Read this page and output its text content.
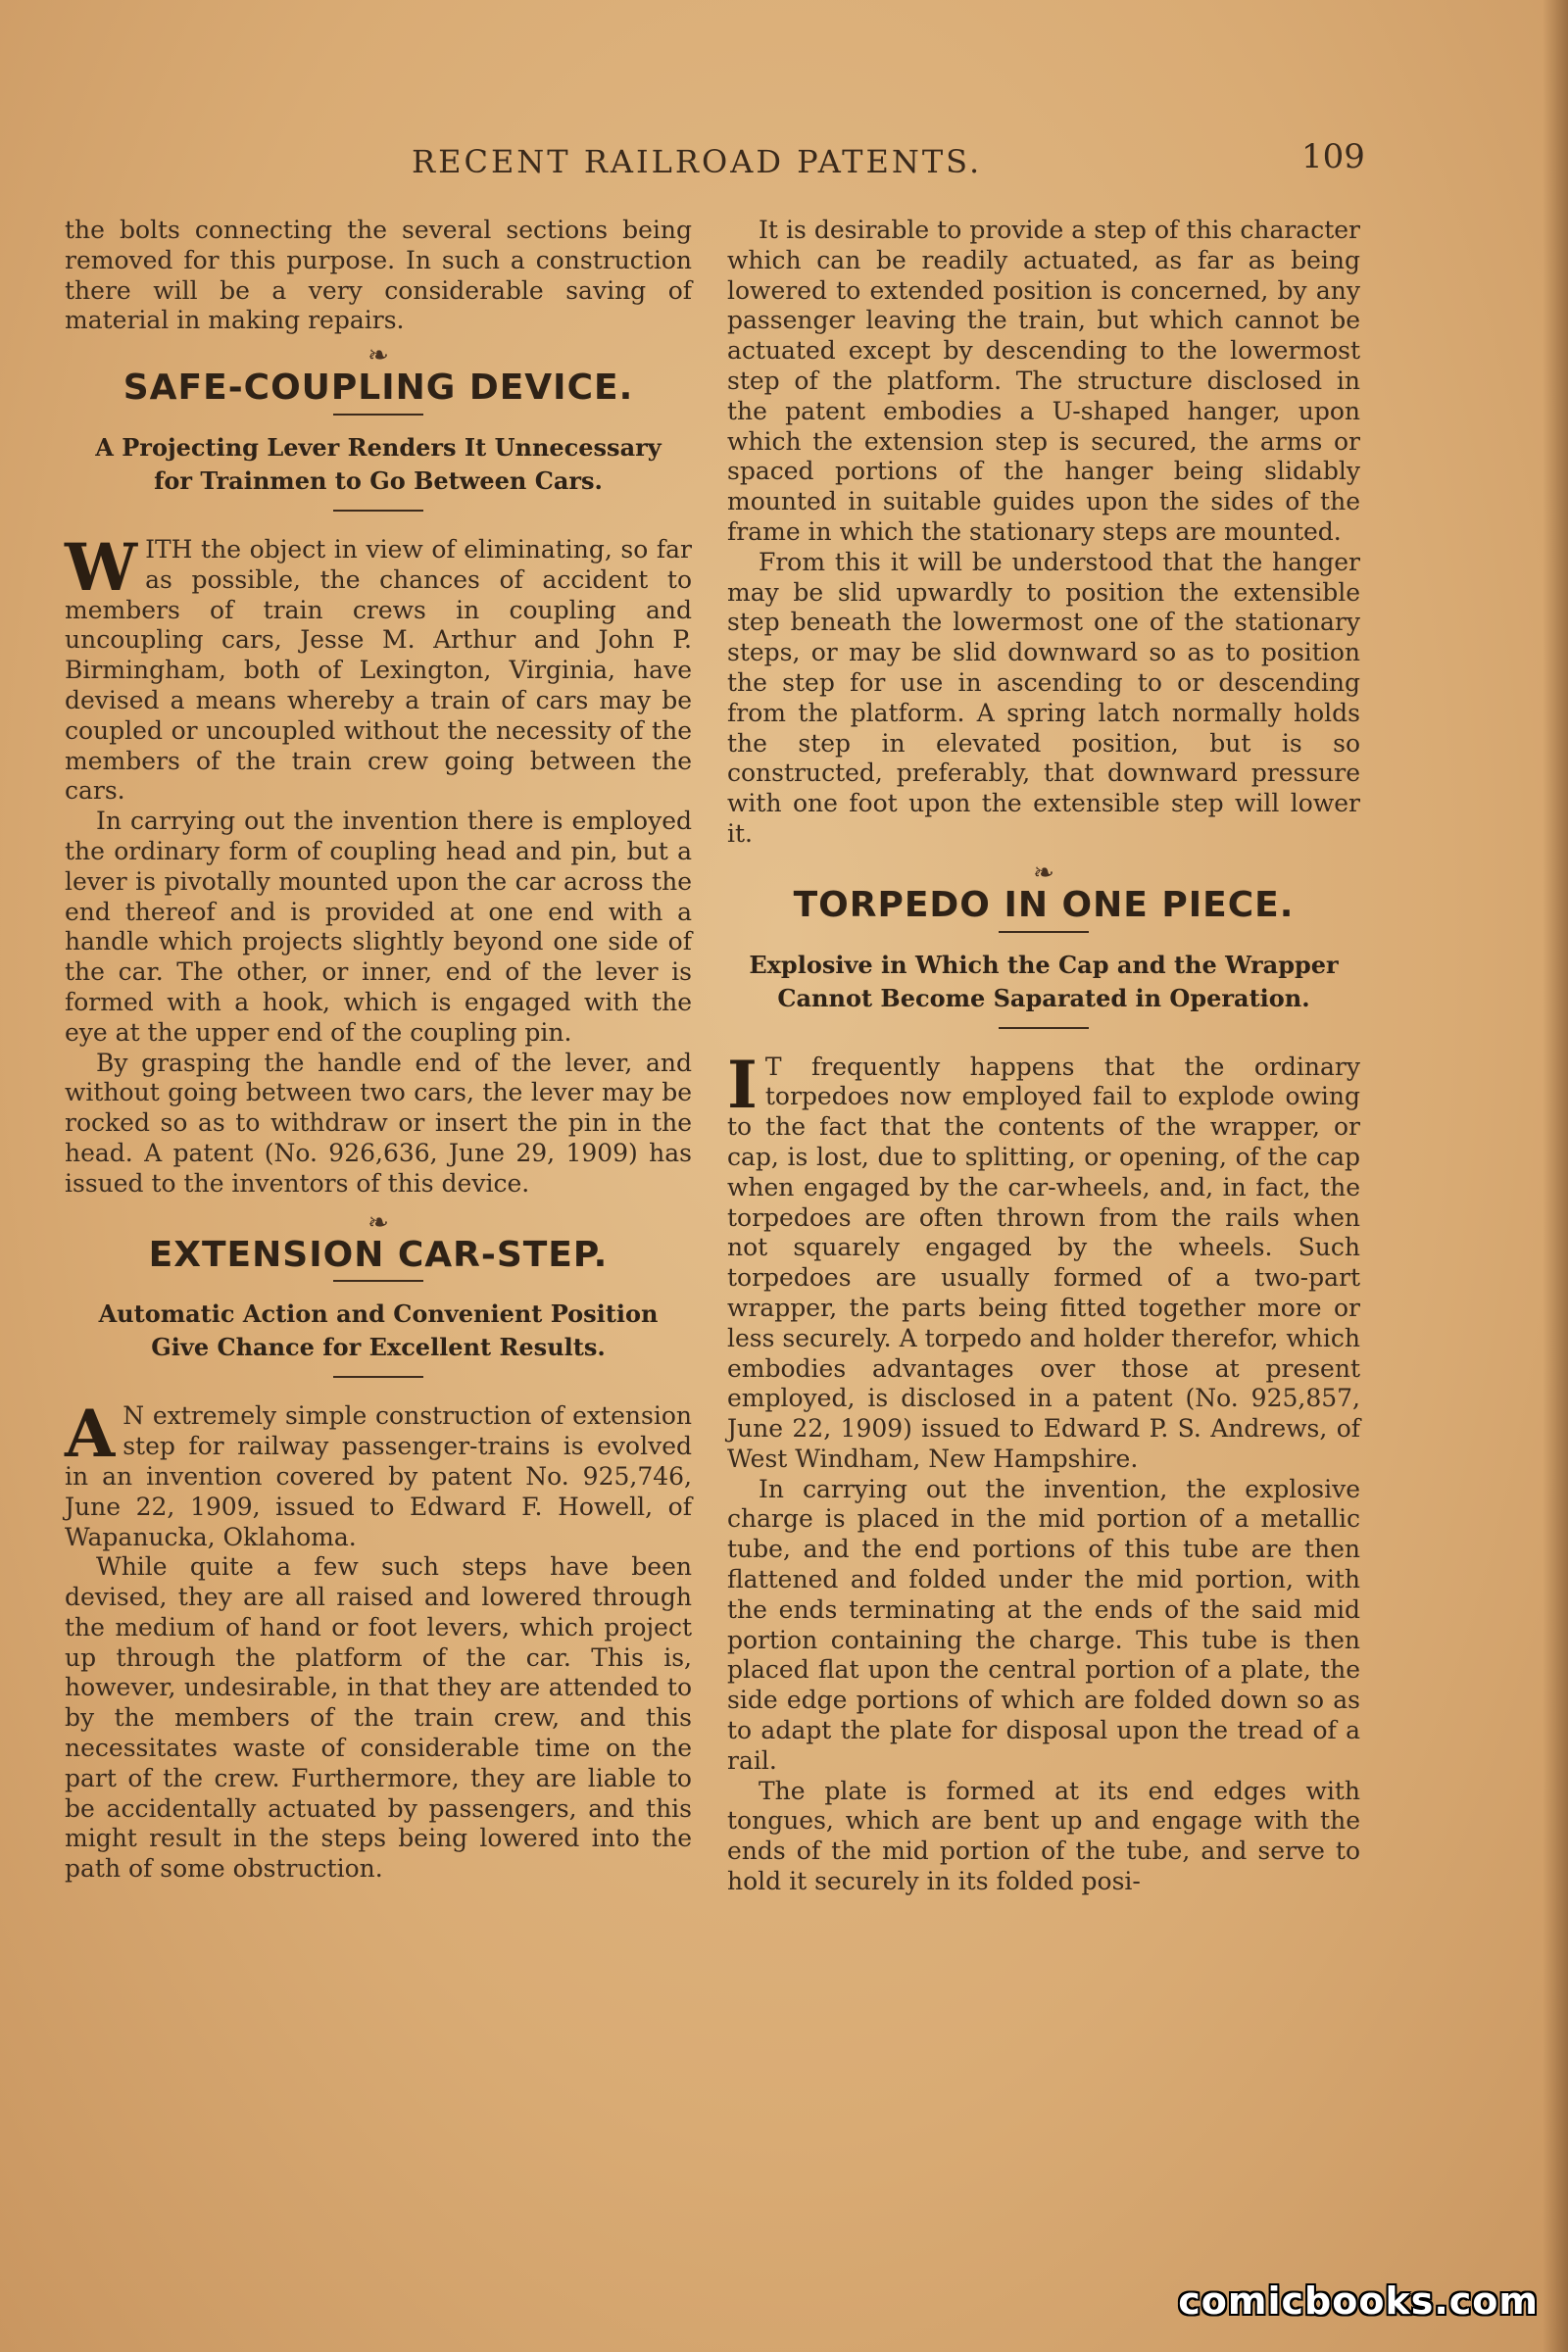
RECENT RAILROAD PATENTS.	109

the bolts connecting the several sections being removed for this purpose. In such a construction there will be a very considerable saving of material in making repairs.

❧
SAFE-COUPLING DEVICE.
A Projecting Lever Renders It Unnecessary for Trainmen to Go Between Cars.

WITH the object in view of eliminating, so far as possible, the chances of accident to members of train crews in coupling and uncoupling cars, Jesse M. Arthur and John P. Birmingham, both of Lexington, Virginia, have devised a means whereby a train of cars may be coupled or uncoupled without the necessity of the members of the train crew going between the cars.

In carrying out the invention there is employed the ordinary form of coupling head and pin, but a lever is pivotally mounted upon the car across the end thereof and is provided at one end with a handle which projects slightly beyond one side of the car. The other, or inner, end of the lever is formed with a hook, which is engaged with the eye at the upper end of the coupling pin.

By grasping the handle end of the lever, and without going between two cars, the lever may be rocked so as to withdraw or insert the pin in the head. A patent (No. 926,636, June 29, 1909) has issued to the inventors of this device.

❧
EXTENSION CAR-STEP.
Automatic Action and Convenient Position Give Chance for Excellent Results.

A N extremely simple construction of extension step for railway passenger-trains is evolved in an invention covered by patent No. 925,746, June 22, 1909, issued to Edward F. Howell, of Wapanucka, Oklahoma.

While quite a few such steps have been devised, they are all raised and lowered through the medium of hand or foot levers, which project up through the platform of the car. This is, however, undesirable, in that they are attended to by the members of the train crew, and this necessitates waste of considerable time on the part of the crew. Furthermore, they are liable to be accidentally actuated by passengers, and this might result in the steps being lowered into the path of some obstruction.

It is desirable to provide a step of this character which can be readily actuated, as far as being lowered to extended position is concerned, by any passenger leaving the train, but which cannot be actuated except by descending to the lowermost step of the platform. The structure disclosed in the patent embodies a U-shaped hanger, upon which the extension step is secured, the arms or spaced portions of the hanger being slidably mounted in suitable guides upon the sides of the frame in which the stationary steps are mounted.

From this it will be understood that the hanger may be slid upwardly to position the extensible step beneath the lowermost one of the stationary steps, or may be slid downward so as to position the step for use in ascending to or descending from the platform. A spring latch normally holds the step in elevated position, but is so constructed, preferably, that downward pressure with one foot upon the extensible step will lower it.

❧
TORPEDO IN ONE PIECE.
Explosive in Which the Cap and the Wrapper Cannot Become Saparated in Operation.

I T frequently happens that the ordinary torpedoes now employed fail to explode owing to the fact that the contents of the wrapper, or cap, is lost, due to splitting, or opening, of the cap when engaged by the car-wheels, and, in fact, the torpedoes are often thrown from the rails when not squarely engaged by the wheels. Such torpedoes are usually formed of a two-part wrapper, the parts being fitted together more or less securely. A torpedo and holder therefor, which embodies advantages over those at present employed, is disclosed in a patent (No. 925,857, June 22, 1909) issued to Edward P. S. Andrews, of West Windham, New Hampshire.

In carrying out the invention, the explosive charge is placed in the mid portion of a metallic tube, and the end portions of this tube are then flattened and folded under the mid portion, with the ends terminating at the ends of the said mid portion containing the charge. This tube is then placed flat upon the central portion of a plate, the side edge portions of which are folded down so as to adapt the plate for disposal upon the tread of a rail.

The plate is formed at its end edges with tongues, which are bent up and engage with the ends of the mid portion of the tube, and serve to hold it securely in its folded posi-

comicbooks.com
